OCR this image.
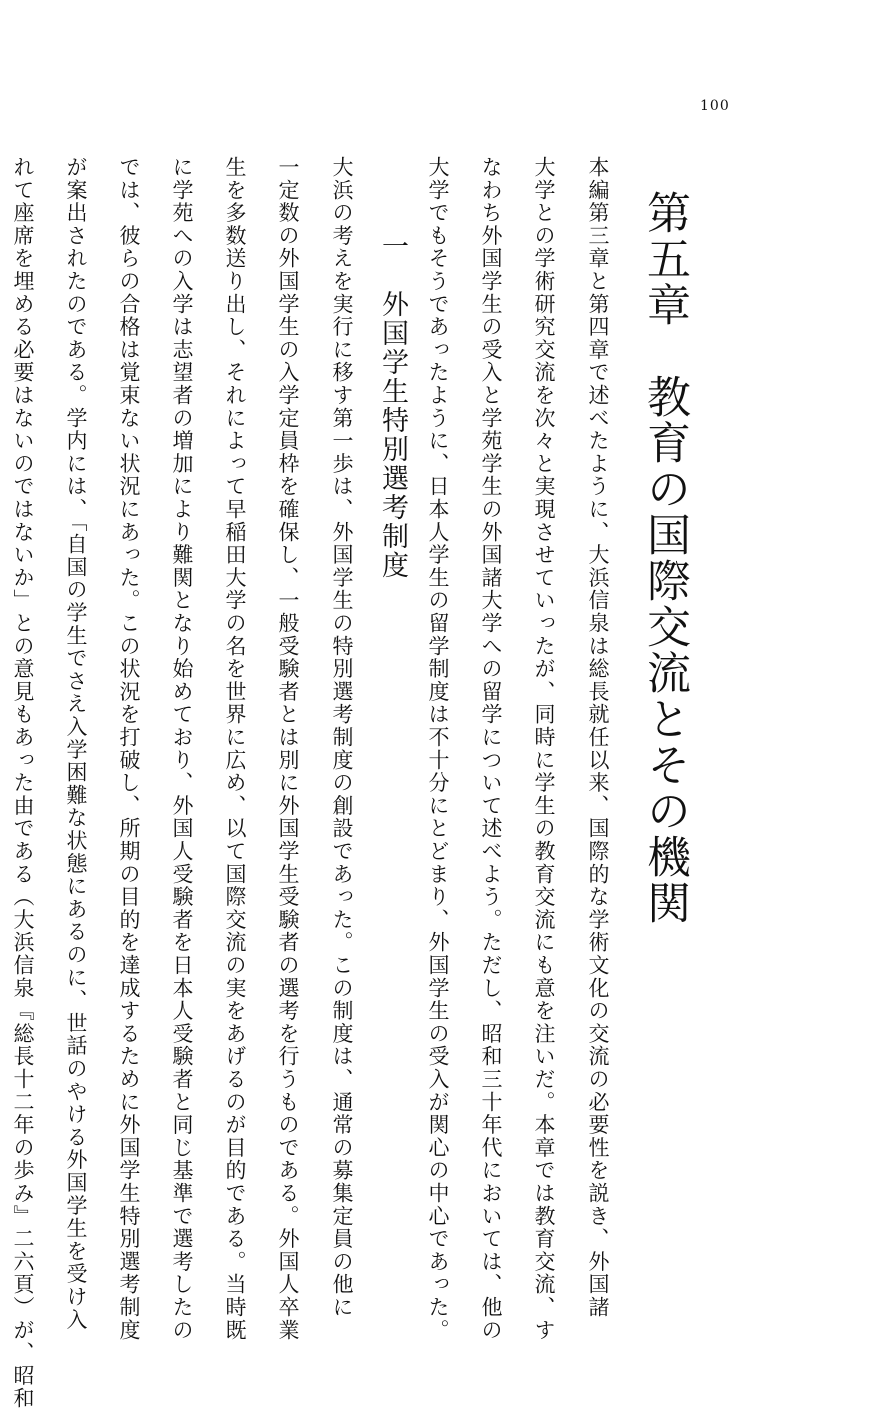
100
第五章　教育の国際交流とその機関
本編第三章と第四章で述べたように、大浜信泉は総長就任以来、国際的な学術文化の交流の必要性を説き、外国諸
大学との学術研究交流を次々と実現させていったが、同時に学生の教育交流にも意を注いだ。本章では教育交流、す
なわち外国学生の受入と学苑学生の外国諸大学への留学について述べよう。ただし、昭和三十年代においては、他の
大学でもそうであったように、日本人学生の留学制度は不十分にとどまり、外国学生の受入が関心の中心であった。
一　外国学生特別選考制度
大浜の考えを実行に移す第一歩は、外国学生の特別選考制度の創設であった。この制度は、通常の募集定員の他に
一定数の外国学生の入学定員枠を確保し、一般受験者とは別に外国学生受験者の選考を行うものである。外国人卒業
生を多数送り出し、それによって早稲田大学の名を世界に広め、以て国際交流の実をあげるのが目的である。当時既
に学苑への入学は志望者の増加により難関となり始めており、外国人受験者を日本人受験者と同じ基準で選考したの
では、彼らの合格は覚束ない状況にあった。この状況を打破し、所期の目的を達成するために外国学生特別選考制度
が案出されたのである。学内には、「自国の学生でさえ入学困難な状態にあるのに、世話のやける外国学生を受け入
れて座席を埋める必要はないのではないか」との意見もあった由である（大浜信泉『総長十二年の歩み』二六頁）が、昭和
